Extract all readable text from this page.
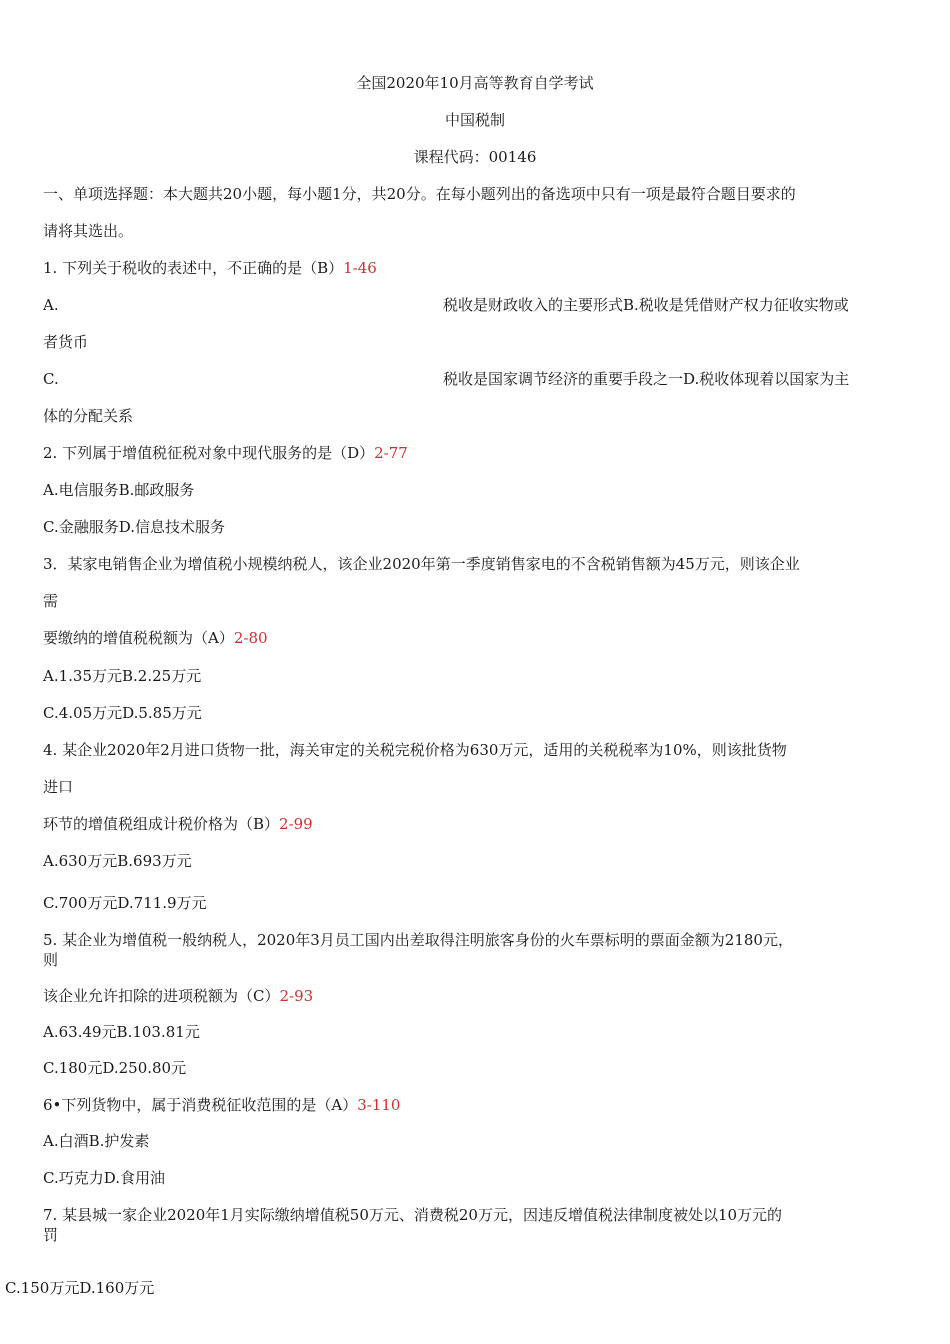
全国2020年10月高等教育自学考试
中国税制
课程代码：00146
一、单项选择题：本大题共20小题，每小题1分，共20分。在每小题列出的备选项中只有一项是最符合题目要求的
请将其选出。
1. 下列关于税收的表述中，不正确的是（B）1-46
A.	税收是财政收入的主要形式B.税收是凭借财产权力征收实物或
者货币
C.	税收是国家调节经济的重要手段之一D.税收体现着以国家为主
体的分配关系
2. 下列属于增值税征税对象中现代服务的是（D）2-77
A.电信服务B.邮政服务
C.金融服务D.信息技术服务
3．某家电销售企业为增值税小规模纳税人，该企业2020年第一季度销售家电的不含税销售额为45万元，则该企业
需
要缴纳的增值税税额为（A）2-80
A.1.35万元B.2.25万元
C.4.05万元D.5.85万元
4. 某企业2020年2月进口货物一批，海关审定的关税完税价格为630万元，适用的关税税率为10%，则该批货物
进口
环节的增值税组成计税价格为（B）2-99
A.630万元B.693万元
C.700万元D.711.9万元
5. 某企业为增值税一般纳税人，2020年3月员工国内出差取得注明旅客身份的火车票标明的票面金额为2180元，
则
该企业允许扣除的进项税额为（C）2-93
A.63.49元B.103.81元
C.180元D.250.80元
6•下列货物中，属于消费税征收范围的是（A）3-110
A.白酒B.护发素
C.巧克力D.食用油
7. 某县城一家企业2020年1月实际缴纳增值税50万元、消费税20万元，因违反增值税法律制度被处以10万元的
罚
C.150万元D.160万元
